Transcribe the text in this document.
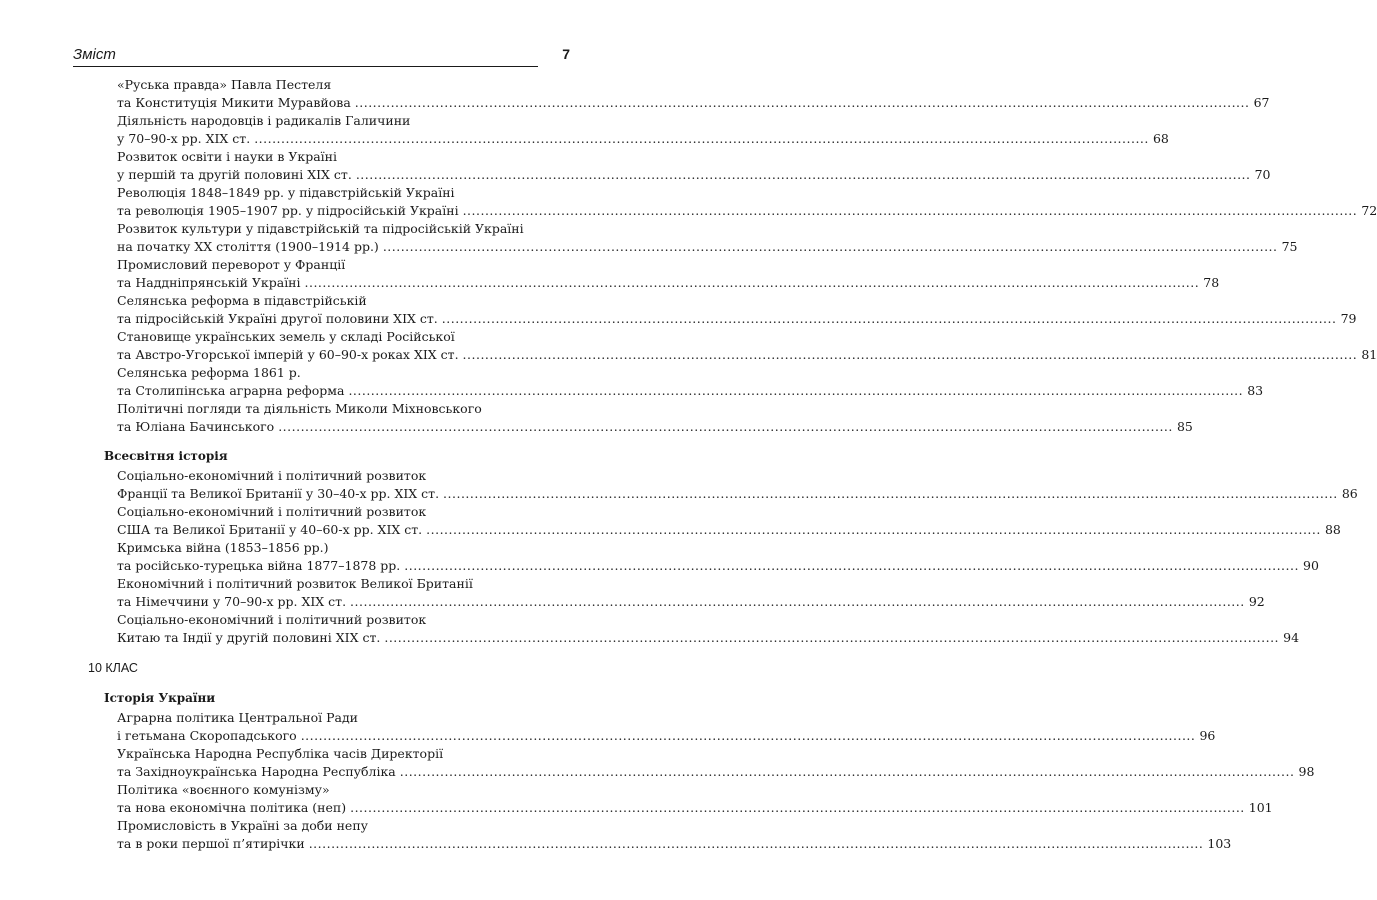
Зміст	7
«Руська правда» Павла Пестеля
та Конституція Микити Муравйова ........................................................................................................................................................................................................ 67
Діяльність народовців і радикалів Галичини
у 70–90-х рр. XIX ст. ........................................................................................................................................................................................................ 68
Розвиток освіти і науки в Україні
у першій та другій половині XIX ст. ........................................................................................................................................................................................................ 70
Революція 1848–1849 рр. у підавстрійській Україні
та революція 1905–1907 рр. у підросійській Україні ........................................................................................................................................................................................................ 72
Розвиток культури у підавстрійській та підросійській Україні
на початку XX століття (1900–1914 рр.) ........................................................................................................................................................................................................ 75
Промисловий переворот у Франції
та Наддніпрянській Україні ........................................................................................................................................................................................................ 78
Селянська реформа в підавстрійській
та підросійській Україні другої половини XIX ст. ........................................................................................................................................................................................................ 79
Становище українських земель у складі Російської
та Австро-Угорської імперій у 60–90-х роках XIX ст. ........................................................................................................................................................................................................ 81
Селянська реформа 1861 р.
та Столипінська аграрна реформа ........................................................................................................................................................................................................ 83
Політичні погляди та діяльність Миколи Міхновського
та Юліана Бачинського ........................................................................................................................................................................................................ 85
Всесвітня історія
Соціально-економічний і політичний розвиток
Франції та Великої Британії у 30–40-х рр. XIX ст. ........................................................................................................................................................................................................ 86
Соціально-економічний і політичний розвиток
США та Великої Британії у 40–60-х рр. XIX ст. ........................................................................................................................................................................................................ 88
Кримська війна (1853–1856 рр.)
та російсько-турецька війна 1877–1878 рр. ........................................................................................................................................................................................................ 90
Економічний і політичний розвиток Великої Британії
та Німеччини у 70–90-х рр. XIX ст. ........................................................................................................................................................................................................ 92
Соціально-економічний і політичний розвиток
Китаю та Індії у другій половині XIX ст. ........................................................................................................................................................................................................ 94
10 КЛАС
Історія України
Аграрна політика Центральної Ради
і гетьмана Скоропадського ........................................................................................................................................................................................................ 96
Українська Народна Республіка часів Директорії
та Західноукраїнська Народна Республіка ........................................................................................................................................................................................................ 98
Політика «воєнного комунізму»
та нова економічна політика (неп) ........................................................................................................................................................................................................ 101
Промисловість в Україні за доби непу
та в роки першої п’ятирічки ........................................................................................................................................................................................................ 103
